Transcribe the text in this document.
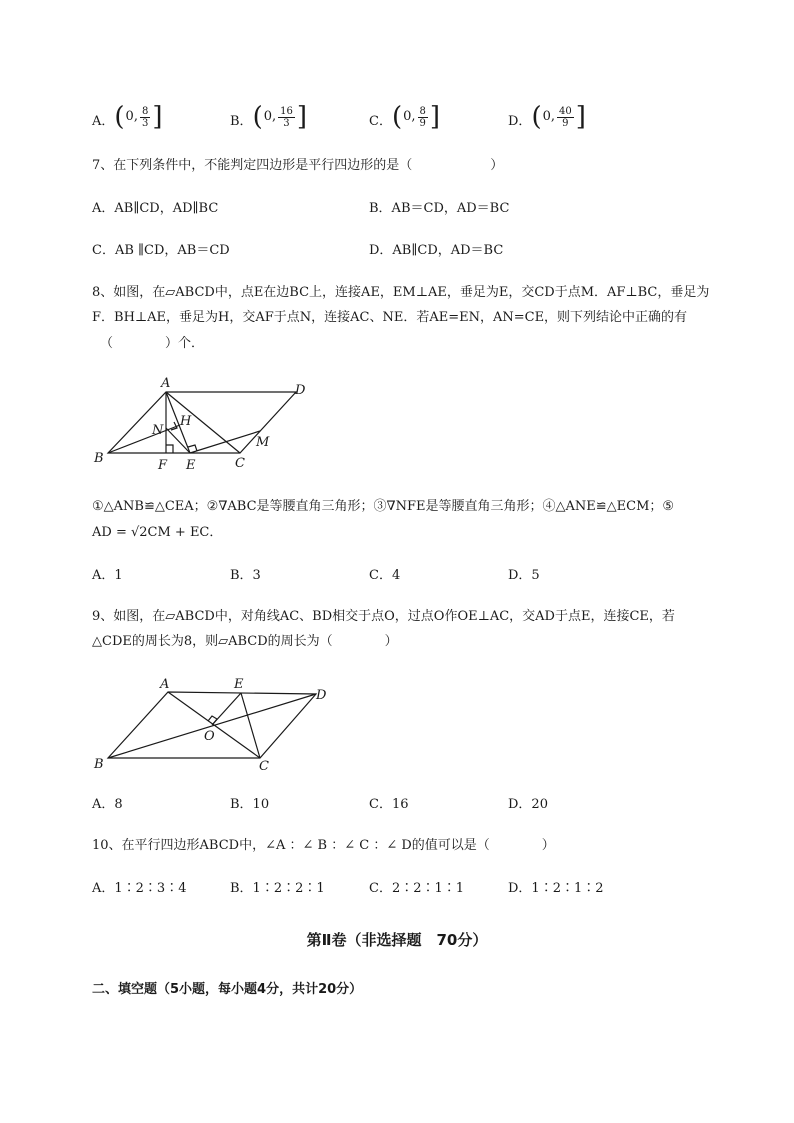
A． ( 0, $\frac{8}{3}$ ]	B． ( 0, $\frac{16}{3}$ ]	C． ( 0, $\frac{8}{9}$ ]	D． ( 0, $\frac{40}{9}$ ]
7、在下列条件中，不能判定四边形是平行四边形的是（　　　　　　）
A．AB∥CD，AD∥BC	B．AB＝CD，AD＝BC
C．AB ∥CD，AB＝CD	D．AB∥CD，AD＝BC
8、如图，在▱ABCD中，点E在边BC上，连接AE，EM⊥AE，垂足为E，交CD于点M．AF⊥BC，垂足为
F．BH⊥AE，垂足为H，交AF于点N，连接AC、NE．若AE=EN，AN=CE，则下列结论中正确的有
（　　　　）个．
A	D
H
N
M
B	F E	C
①△ANB≌△CEA；②∇ABC是等腰直角三角形；③∇NFE是等腰直角三角形；④△ANE≌△ECM；⑤
AD = √2CM + EC．
A．1	B．3	C．4	D．5
9、如图，在▱ABCD中，对角线AC、BD相交于点O，过点O作OE⊥AC，交AD于点E，连接CE，若
△CDE的周长为8，则▱ABCD的周长为（　　　　）
A	E
D
O
B	C
A．8	B．10	C．16	D．20
10、在平行四边形ABCD中，∠A ：∠ B ：∠ C ：∠ D的值可以是（　　　　）
A．1∶2∶3∶4	B．1∶2∶2∶1	C．2∶2∶1∶1	D．1∶2∶1∶2
第Ⅱ卷（非选择题　70分）
二、填空题（5小题，每小题4分，共计20分）
